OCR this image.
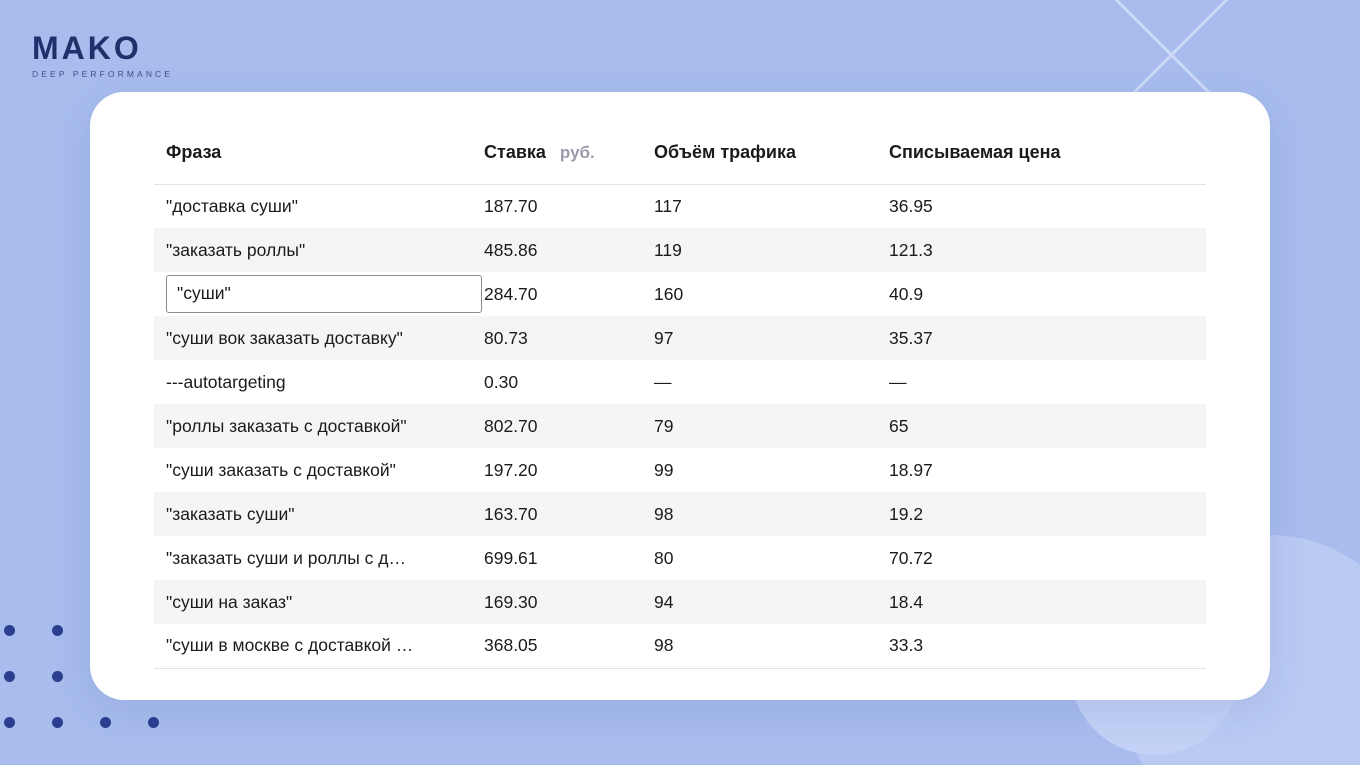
MAKO
DEEP PERFORMANCE
Фраза	Ставка руб.	Объём трафика	Списываемая цена

"доставка суши"	187.70	117	36.95

"заказать роллы"	485.86	119	121.3

"суши"	284.70	160	40.9

"суши вок заказать доставку"	80.73	97	35.37

---autotargeting	0.30	—	—

"роллы заказать с доставкой"	802.70	79	65

"суши заказать с доставкой"	197.20	99	18.97

"заказать суши"	163.70	98	19.2

"заказать суши и роллы с д…	699.61	80	70.72

"суши на заказ"	169.30	94	18.4

"суши в москве с доставкой …	368.05	98	33.3
